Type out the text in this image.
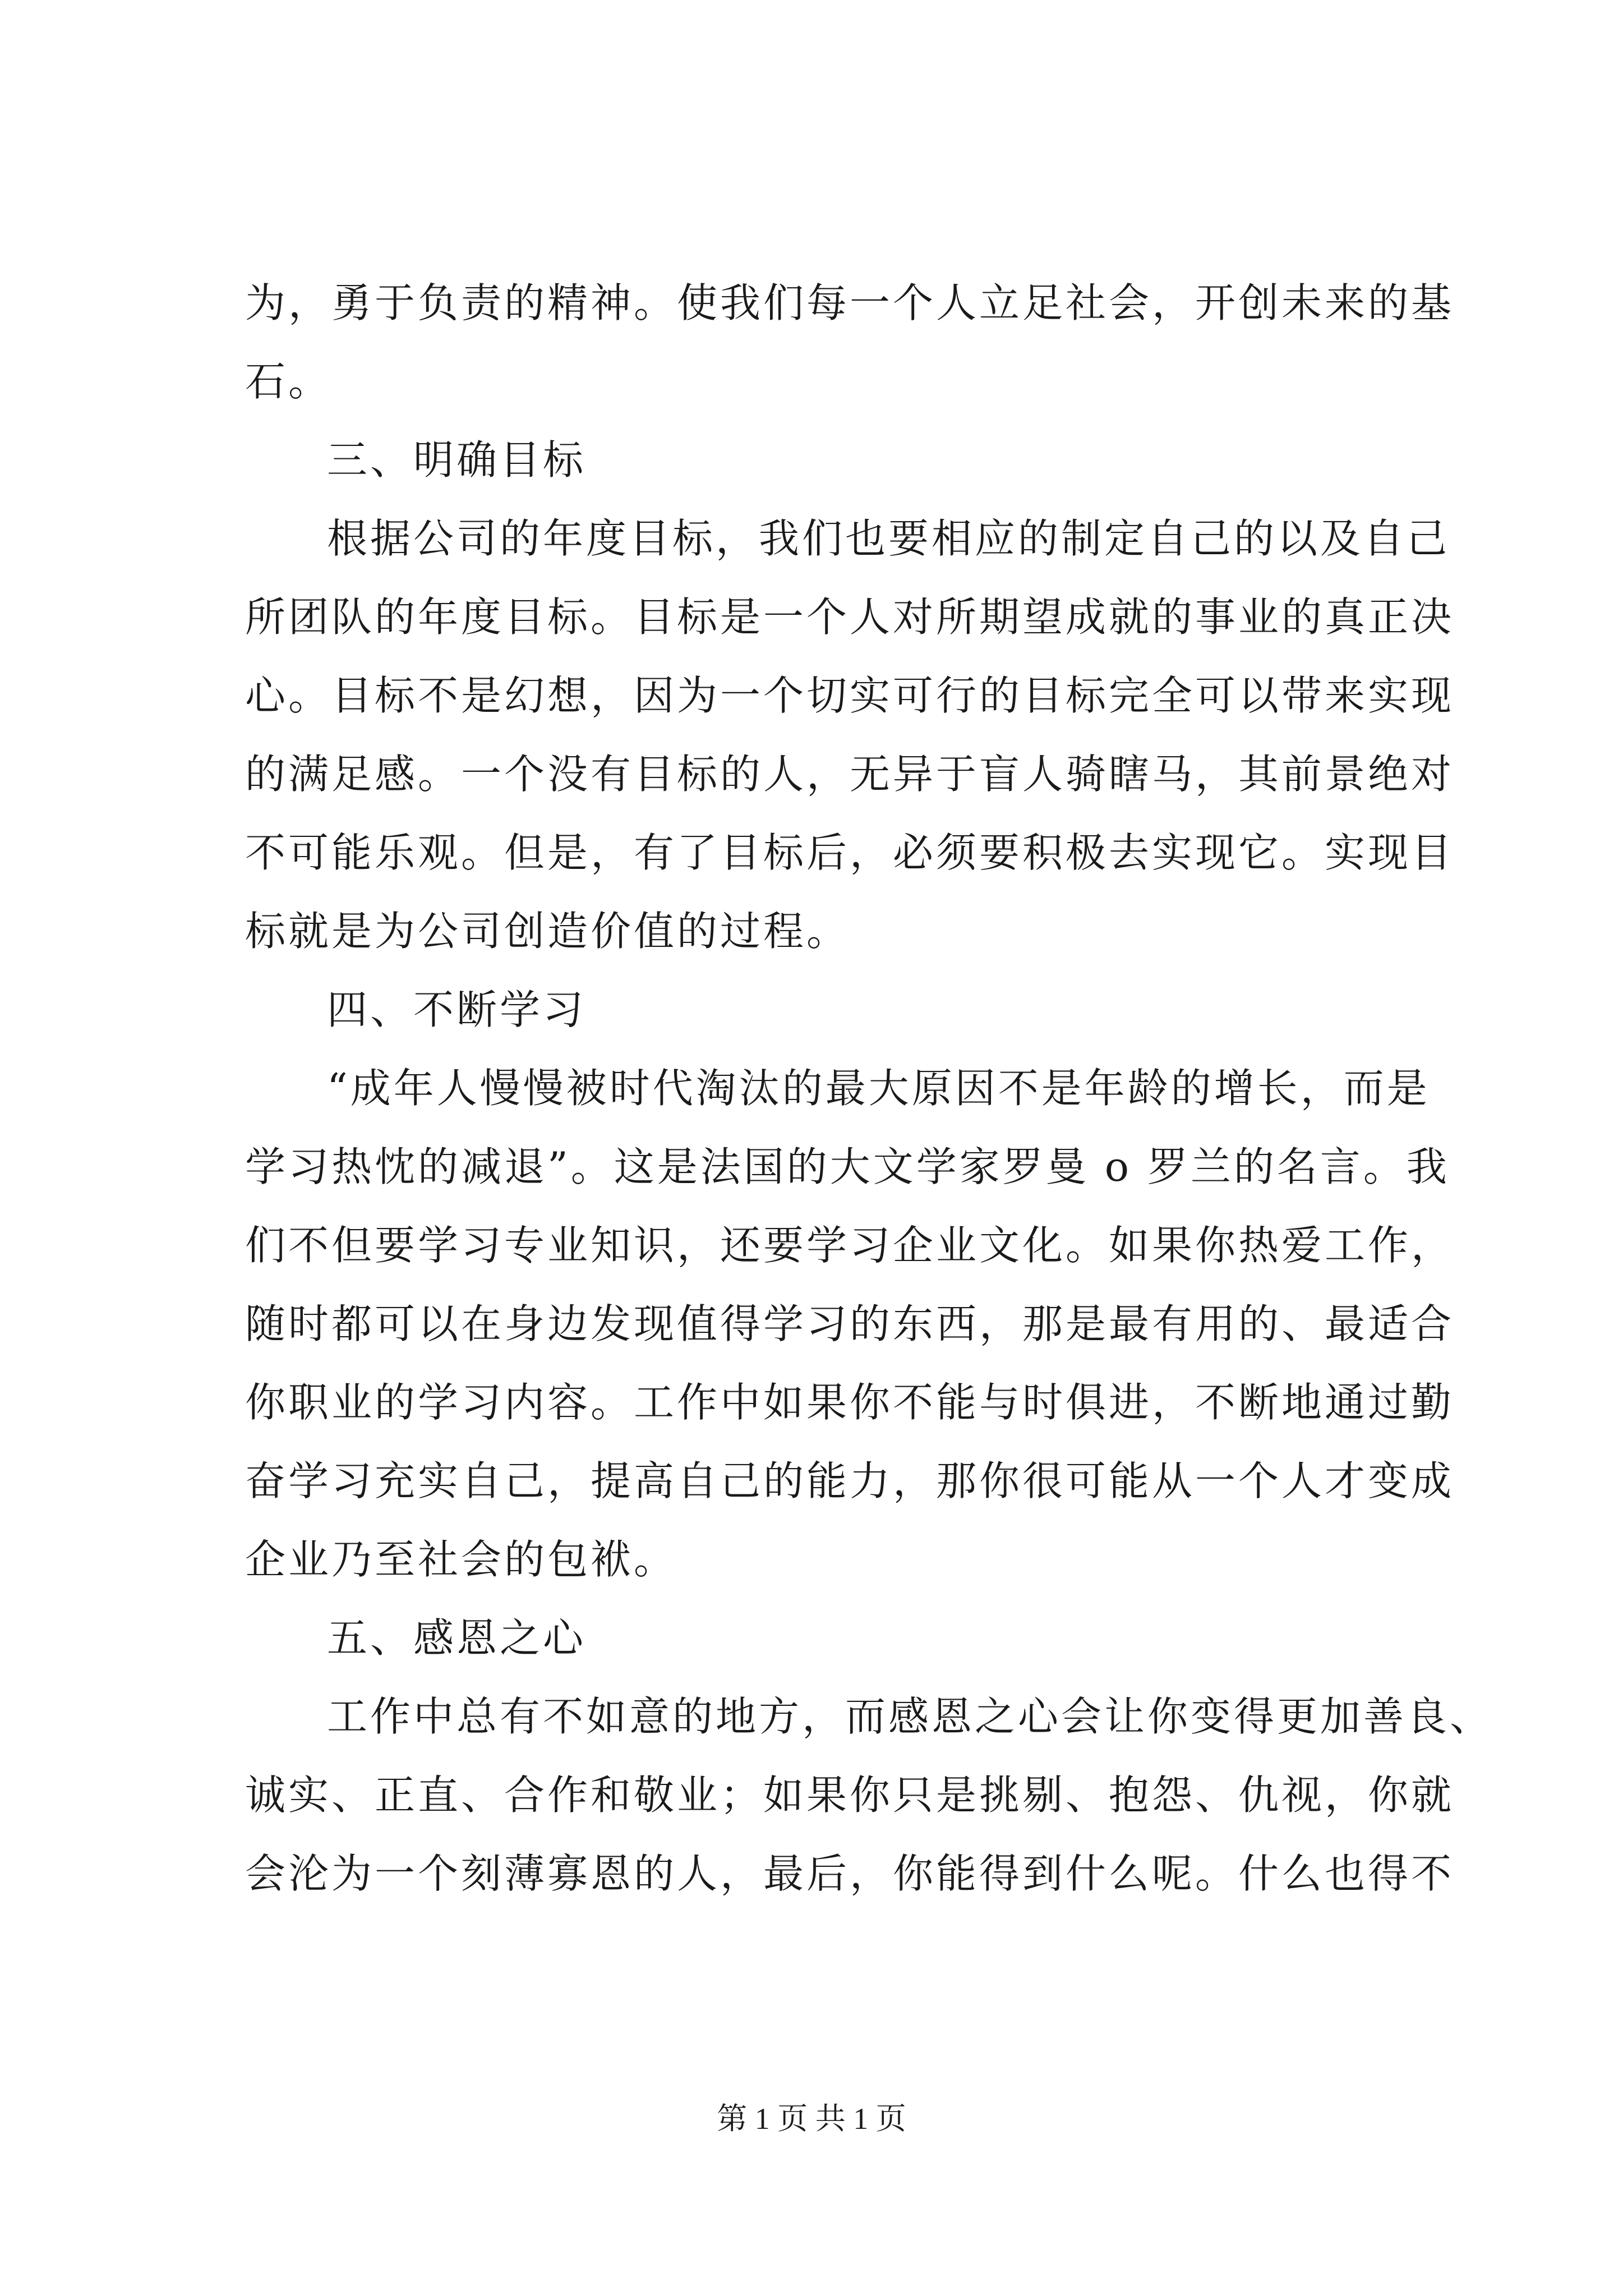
为，勇于负责的精神。使我们每一个人立足社会，开创未来的基
石。
三、明确目标
根据公司的年度目标，我们也要相应的制定自己的以及自己
所团队的年度目标。目标是一个人对所期望成就的事业的真正决
心。目标不是幻想，因为一个切实可行的目标完全可以带来实现
的满足感。一个没有目标的人，无异于盲人骑瞎马，其前景绝对
不可能乐观。但是，有了目标后，必须要积极去实现它。实现目
标就是为公司创造价值的过程。
四、不断学习
“成年人慢慢被时代淘汰的最大原因不是年龄的增长，而是
学习热忱的减退”。这是法国的大文学家罗曼 o 罗兰的名言。我
们不但要学习专业知识，还要学习企业文化。如果你热爱工作，
随时都可以在身边发现值得学习的东西，那是最有用的、最适合
你职业的学习内容。工作中如果你不能与时俱进，不断地通过勤
奋学习充实自己，提高自己的能力，那你很可能从一个人才变成
企业乃至社会的包袱。
五、感恩之心
工作中总有不如意的地方，而感恩之心会让你变得更加善良、
诚实、正直、合作和敬业；如果你只是挑剔、抱怨、仇视，你就
会沦为一个刻薄寡恩的人，最后，你能得到什么呢。什么也得不
第 1 页 共 1 页
